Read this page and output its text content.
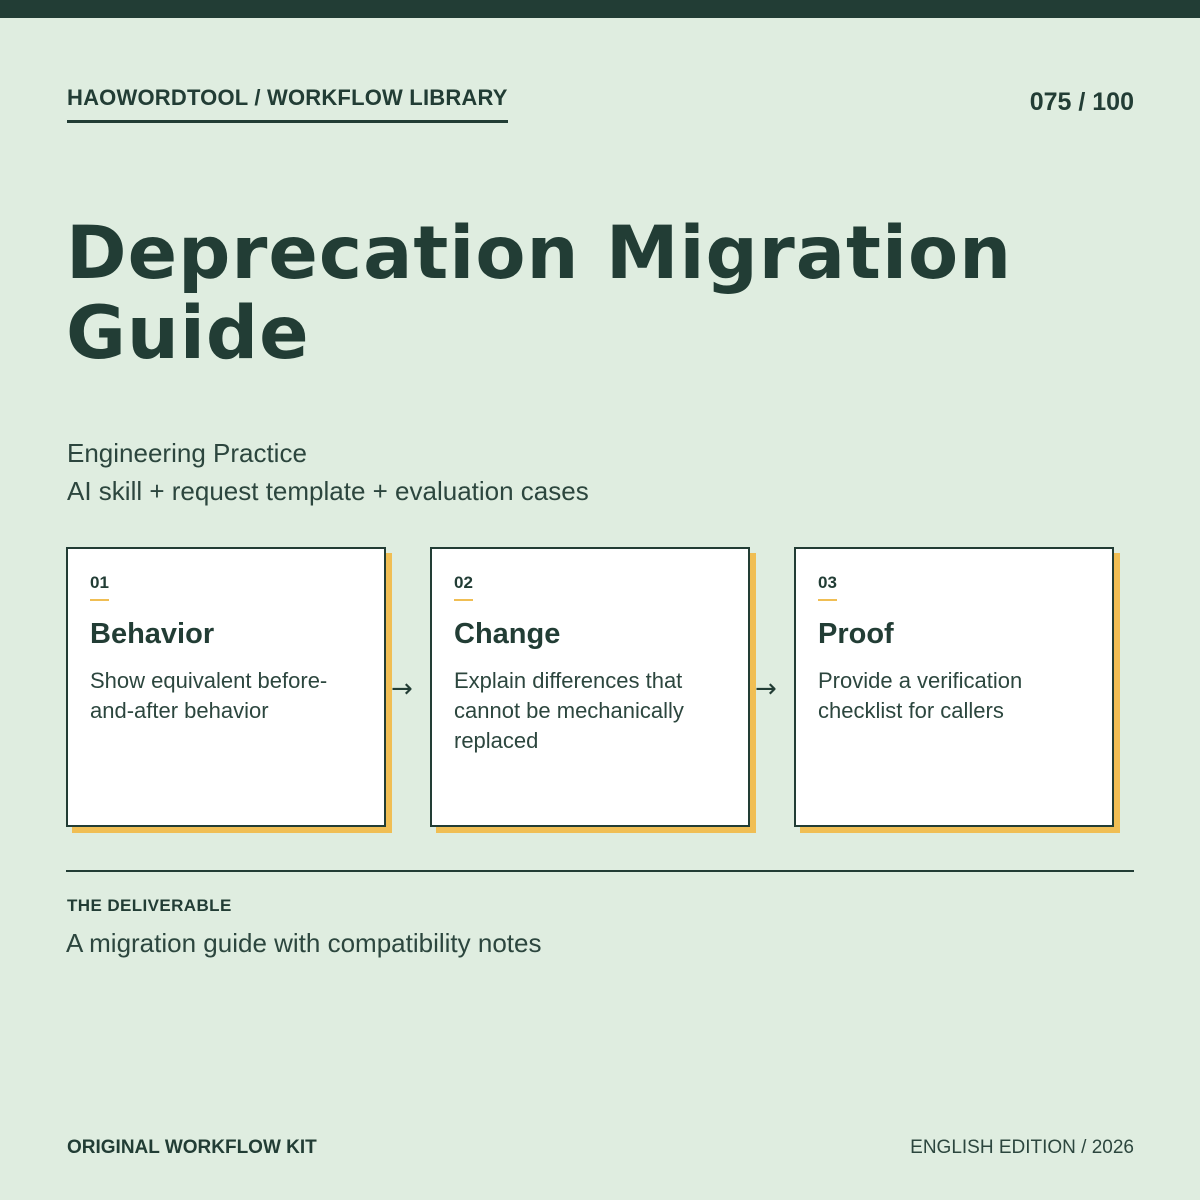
HAOWORDTOOL / WORKFLOW LIBRARY	075 / 100
Deprecation Migration Guide
Engineering Practice
AI skill + request template + evaluation cases
01
Behavior
Show equivalent before-and-after behavior
→
02
Change
Explain differences that cannot be mechanically replaced
→
03
Proof
Provide a verification checklist for callers
THE DELIVERABLE
A migration guide with compatibility notes
ORIGINAL WORKFLOW KIT	ENGLISH EDITION / 2026
